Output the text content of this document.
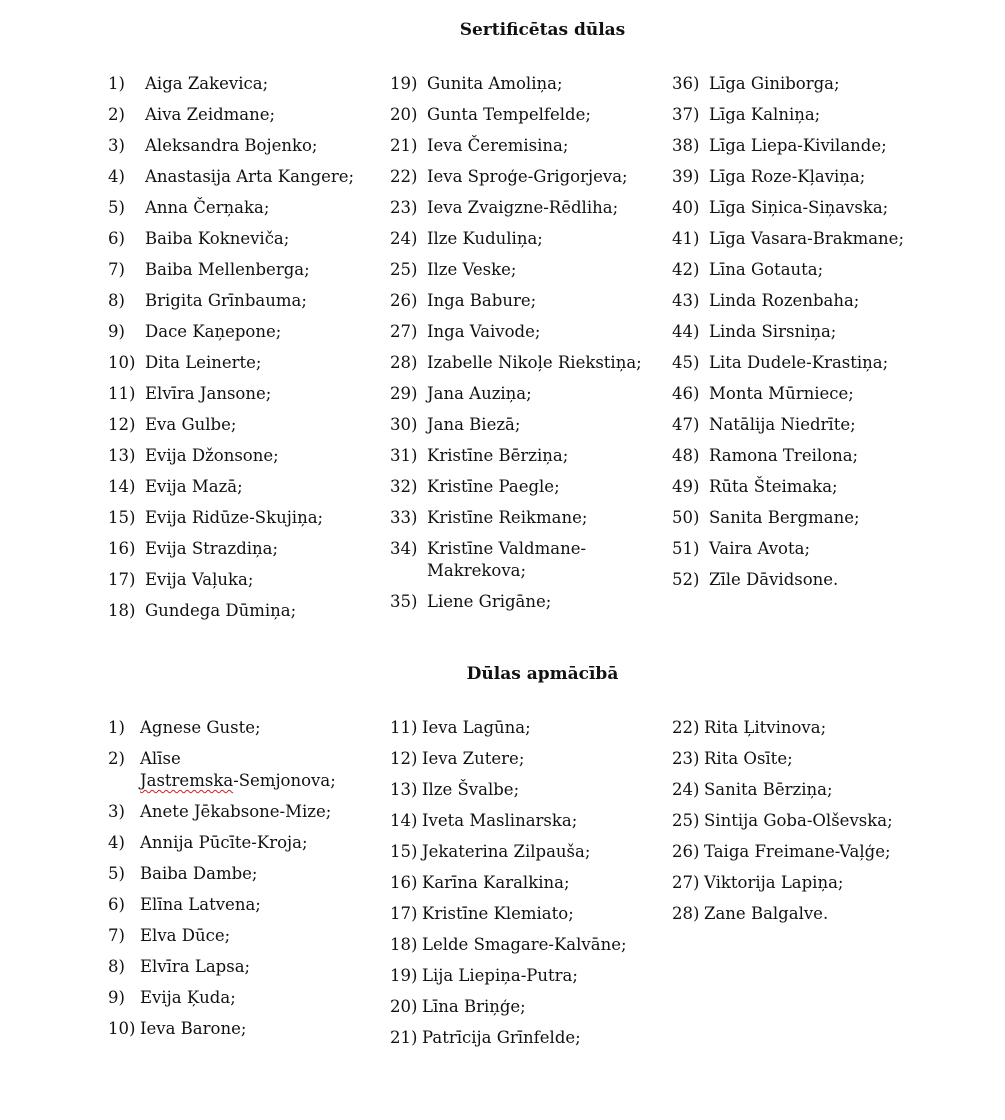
Sertificētas dūlas
1)	Aiga Zakevica;
2)	Aiva Zeidmane;
3)	Aleksandra Bojenko;
4)	Anastasija Arta Kangere;
5)	Anna Čerņaka;
6)	Baiba Kokneviča;
7)	Baiba Mellenberga;
8)	Brigita Grīnbauma;
9)	Dace Kaņepone;
10) Dita Leinerte;
11) Elvīra Jansone;
12) Eva Gulbe;
13) Evija Džonsone;
14) Evija Mazā;
15) Evija Ridūze-Skujiņa;
16) Evija Strazdiņa;
17) Evija Vaļuka;
18) Gundega Dūmiņa;
19) Gunita Amoliņa;
20) Gunta Tempelfelde;
21) Ieva Čeremisina;
22) Ieva Sproģe-Grigorjeva;
23) Ieva Zvaigzne-Rēdliha;
24) Ilze Kuduliņa;
25) Ilze Veske;
26) Inga Babure;
27) Inga Vaivode;
28) Izabelle Nikoļe Riekstiņa;
29) Jana Auziņa;
30) Jana Biezā;
31) Kristīne Bērziņa;
32) Kristīne Paegle;
33) Kristīne Reikmane;
34) Kristīne Valdmane-Makrekova;
35) Liene Grigāne;
36) Līga Giniborga;
37) Līga Kalniņa;
38) Līga Liepa-Kivilande;
39) Līga Roze-Kļaviņa;
40) Līga Siņica-Siņavska;
41) Līga Vasara-Brakmane;
42) Līna Gotauta;
43) Linda Rozenbaha;
44) Linda Sirsniņa;
45) Lita Dudele-Krastiņa;
46) Monta Mūrniece;
47) Natālija Niedrīte;
48) Ramona Treilona;
49) Rūta Šteimaka;
50) Sanita Bergmane;
51) Vaira Avota;
52) Zīle Dāvidsone.
Dūlas apmācībā
1) Agnese Guste;
2) Alīse
Jastremska-Semjonova;
3) Anete Jēkabsone-Mize;
4) Annija Pūcīte-Kroja;
5) Baiba Dambe;
6) Elīna Latvena;
7) Elva Dūce;
8) Elvīra Lapsa;
9) Evija Ķuda;
10) Ieva Barone;
11) Ieva Lagūna;
12) Ieva Zutere;
13) Ilze Švalbe;
14) Iveta Maslinarska;
15) Jekaterina Zilpauša;
16) Karīna Karalkina;
17) Kristīne Klemiato;
18) Lelde Smagare-Kalvāne;
19) Lija Liepiņa-Putra;
20) Līna Briņģe;
21) Patrīcija Grīnfelde;
22) Rita Ļitvinova;
23) Rita Osīte;
24) Sanita Bērziņa;
25) Sintija Goba-Olševska;
26) Taiga Freimane-Vaļģe;
27) Viktorija Lapiņa;
28) Zane Balgalve.
